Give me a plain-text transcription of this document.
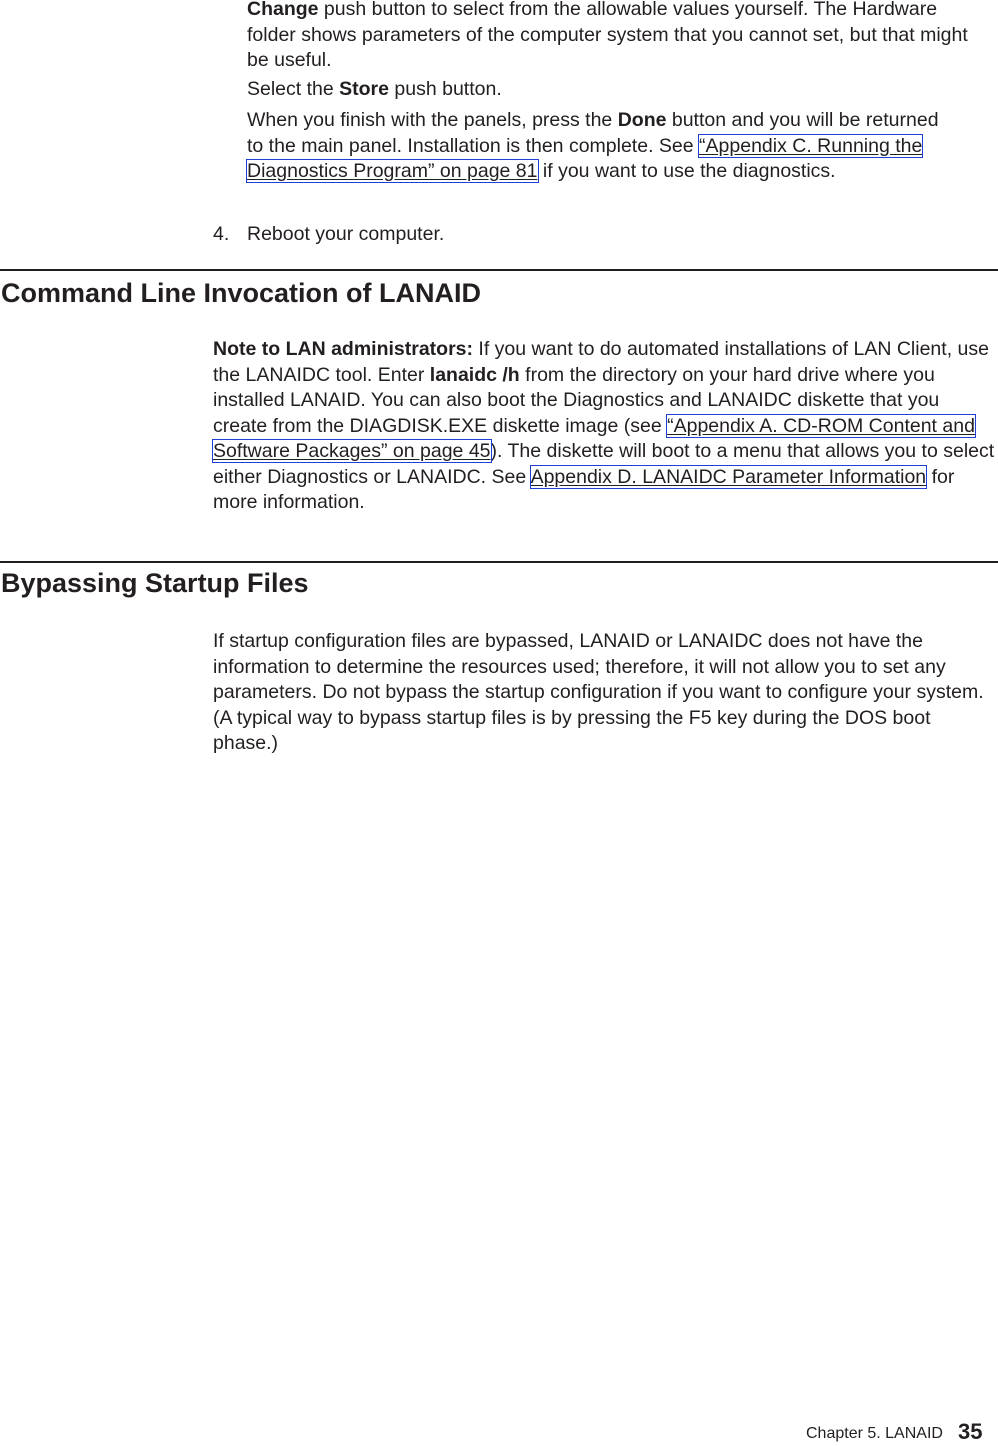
Change push button to select from the allowable values yourself. The Hardware folder shows parameters of the computer system that you cannot set, but that might be useful.

Select the Store push button.

When you finish with the panels, press the Done button and you will be returned to the main panel. Installation is then complete. See “Appendix C. Running the Diagnostics Program” on page 81 if you want to use the diagnostics.

4. Reboot your computer.

Command Line Invocation of LANAID

Note to LAN administrators: If you want to do automated installations of LAN Client, use the LANAIDC tool. Enter lanaidc /h from the directory on your hard drive where you installed LANAID. You can also boot the Diagnostics and LANAIDC diskette that you create from the DIAGDISK.EXE diskette image (see “Appendix A. CD-ROM Content and Software Packages” on page 45). The diskette will boot to a menu that allows you to select either Diagnostics or LANAIDC. See Appendix D. LANAIDC Parameter Information for more information.

Bypassing Startup Files

If startup configuration files are bypassed, LANAID or LANAIDC does not have the information to determine the resources used; therefore, it will not allow you to set any parameters. Do not bypass the startup configuration if you want to configure your system. (A typical way to bypass startup files is by pressing the F5 key during the DOS boot phase.)

Chapter 5. LANAID 35
